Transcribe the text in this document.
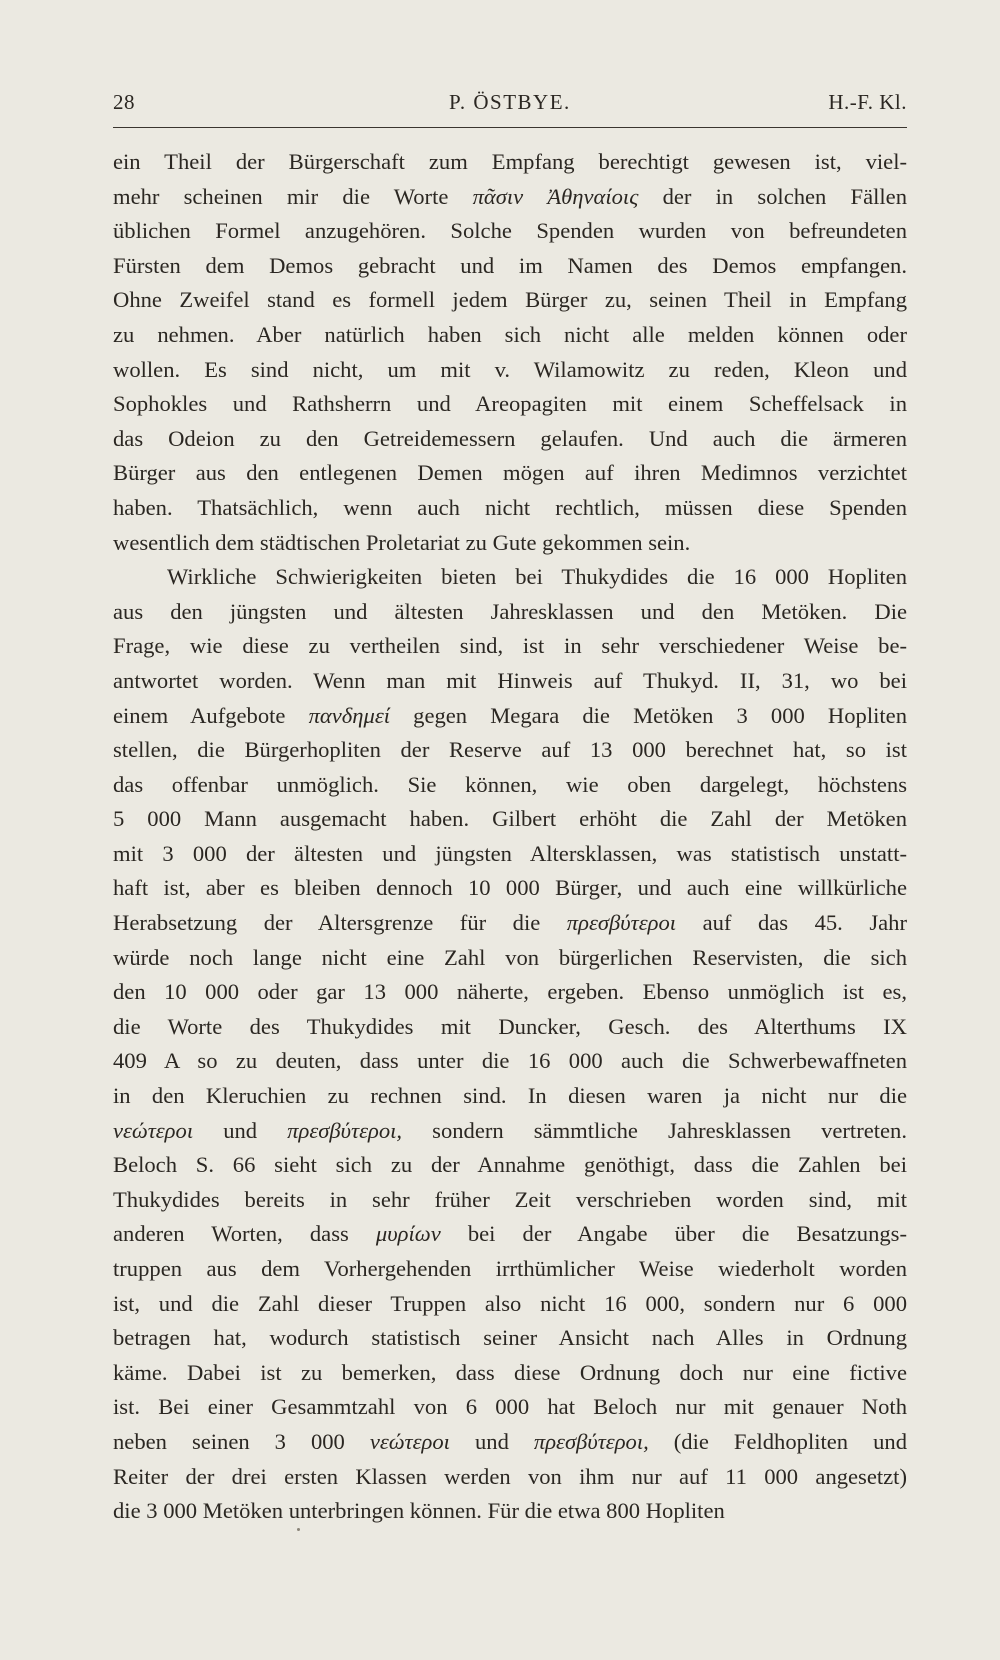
28	P. ÖSTBYE.	H.-F. Kl.
ein Theil der Bürgerschaft zum Empfang berechtigt gewesen ist, viel-
mehr scheinen mir die Worte πᾶσιν Ἀθηναίοις der in solchen Fällen
üblichen Formel anzugehören. Solche Spenden wurden von befreundeten
Fürsten dem Demos gebracht und im Namen des Demos empfangen.
Ohne Zweifel stand es formell jedem Bürger zu, seinen Theil in Empfang
zu nehmen. Aber natürlich haben sich nicht alle melden können oder
wollen. Es sind nicht, um mit v. Wilamowitz zu reden, Kleon und
Sophokles und Rathsherrn und Areopagiten mit einem Scheffelsack in
das Odeion zu den Getreidemessern gelaufen. Und auch die ärmeren
Bürger aus den entlegenen Demen mögen auf ihren Medimnos verzichtet
haben. Thatsächlich, wenn auch nicht rechtlich, müssen diese Spenden
wesentlich dem städtischen Proletariat zu Gute gekommen sein.
Wirkliche Schwierigkeiten bieten bei Thukydides die 16 000 Hopliten
aus den jüngsten und ältesten Jahresklassen und den Metöken. Die
Frage, wie diese zu vertheilen sind, ist in sehr verschiedener Weise be-
antwortet worden. Wenn man mit Hinweis auf Thukyd. II, 31, wo bei
einem Aufgebote πανδημεί gegen Megara die Metöken 3 000 Hopliten
stellen, die Bürgerhopliten der Reserve auf 13 000 berechnet hat, so ist
das offenbar unmöglich. Sie können, wie oben dargelegt, höchstens
5 000 Mann ausgemacht haben. Gilbert erhöht die Zahl der Metöken
mit 3 000 der ältesten und jüngsten Altersklassen, was statistisch unstatt-
haft ist, aber es bleiben dennoch 10 000 Bürger, und auch eine willkürliche
Herabsetzung der Altersgrenze für die πρεσβύτεροι auf das 45. Jahr
würde noch lange nicht eine Zahl von bürgerlichen Reservisten, die sich
den 10 000 oder gar 13 000 näherte, ergeben. Ebenso unmöglich ist es,
die Worte des Thukydides mit Duncker, Gesch. des Alterthums IX
409 A so zu deuten, dass unter die 16 000 auch die Schwerbewaffneten
in den Kleruchien zu rechnen sind. In diesen waren ja nicht nur die
νεώτεροι und πρεσβύτεροι, sondern sämmtliche Jahresklassen vertreten.
Beloch S. 66 sieht sich zu der Annahme genöthigt, dass die Zahlen bei
Thukydides bereits in sehr früher Zeit verschrieben worden sind, mit
anderen Worten, dass μυρίων bei der Angabe über die Besatzungs-
truppen aus dem Vorhergehenden irrthümlicher Weise wiederholt worden
ist, und die Zahl dieser Truppen also nicht 16 000, sondern nur 6 000
betragen hat, wodurch statistisch seiner Ansicht nach Alles in Ordnung
käme. Dabei ist zu bemerken, dass diese Ordnung doch nur eine fictive
ist. Bei einer Gesammtzahl von 6 000 hat Beloch nur mit genauer Noth
neben seinen 3 000 νεώτεροι und πρεσβύτεροι, (die Feldhopliten und
Reiter der drei ersten Klassen werden von ihm nur auf 11 000 angesetzt)
die 3 000 Metöken unterbringen können. Für die etwa 800 Hopliten
